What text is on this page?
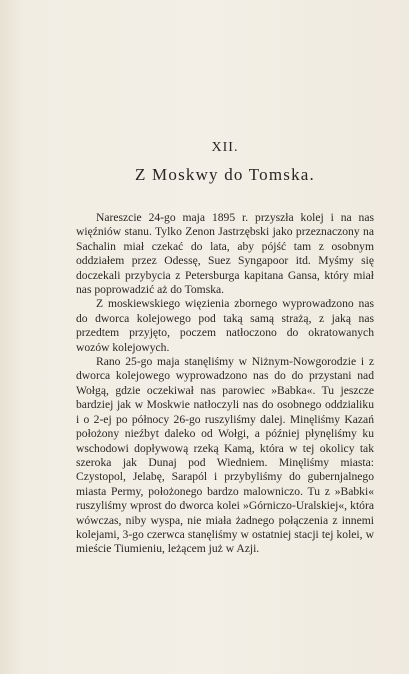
XII.
Z Moskwy do Tomska.

Nareszcie 24-go maja 1895 r. przyszła kolej i na nas więźniów stanu. Tylko Zenon Jastrzębski jako przeznaczony na Sachalin miał czekać do lata, aby pójść tam z osobnym oddziałem przez Odessę, Suez Syngapoor itd. Myśmy się doczekali przybycia z Petersburga kapitana Gansa, który miał nas poprowadzić aż do Tomska.

Z moskiewskiego więzienia zbornego wyprowadzono nas do dworca kolejowego pod taką samą strażą, z jaką nas przedtem przyjęto, poczem natłoczono do okratowanych wozów kolejowych.

Rano 25-go maja stanęliśmy w Niżnym-Nowgorodzie i z dworca kolejowego wyprowadzono nas do do przystani nad Wołgą, gdzie oczekiwał nas parowiec »Babka«. Tu jeszcze bardziej jak w Moskwie natłoczyli nas do osobnego oddzialiku i o 2-ej po północy 26-go ruszyliśmy dalej. Minęliśmy Kazań położony nieźbyt daleko od Wołgi, a później płynęliśmy ku wschodowi dopływową rzeką Kamą, która w tej okolicy tak szeroka jak Dunaj pod Wiedniem. Minęliśmy miasta: Czystopol, Jelabę, Sarapól i przybyliśmy do gubernjalnego miasta Permy, położonego bardzo malowniczo. Tu z »Babki« ruszyliśmy wprost do dworca kolei »Górniczo-Uralskiej«, która wówczas, niby wyspa, nie miała żadnego połączenia z innemi kolejami, 3-go czerwca stanęliśmy w ostatniej stacji tej kolei, w mieście Tiumieniu, leżącem już w Azji.
